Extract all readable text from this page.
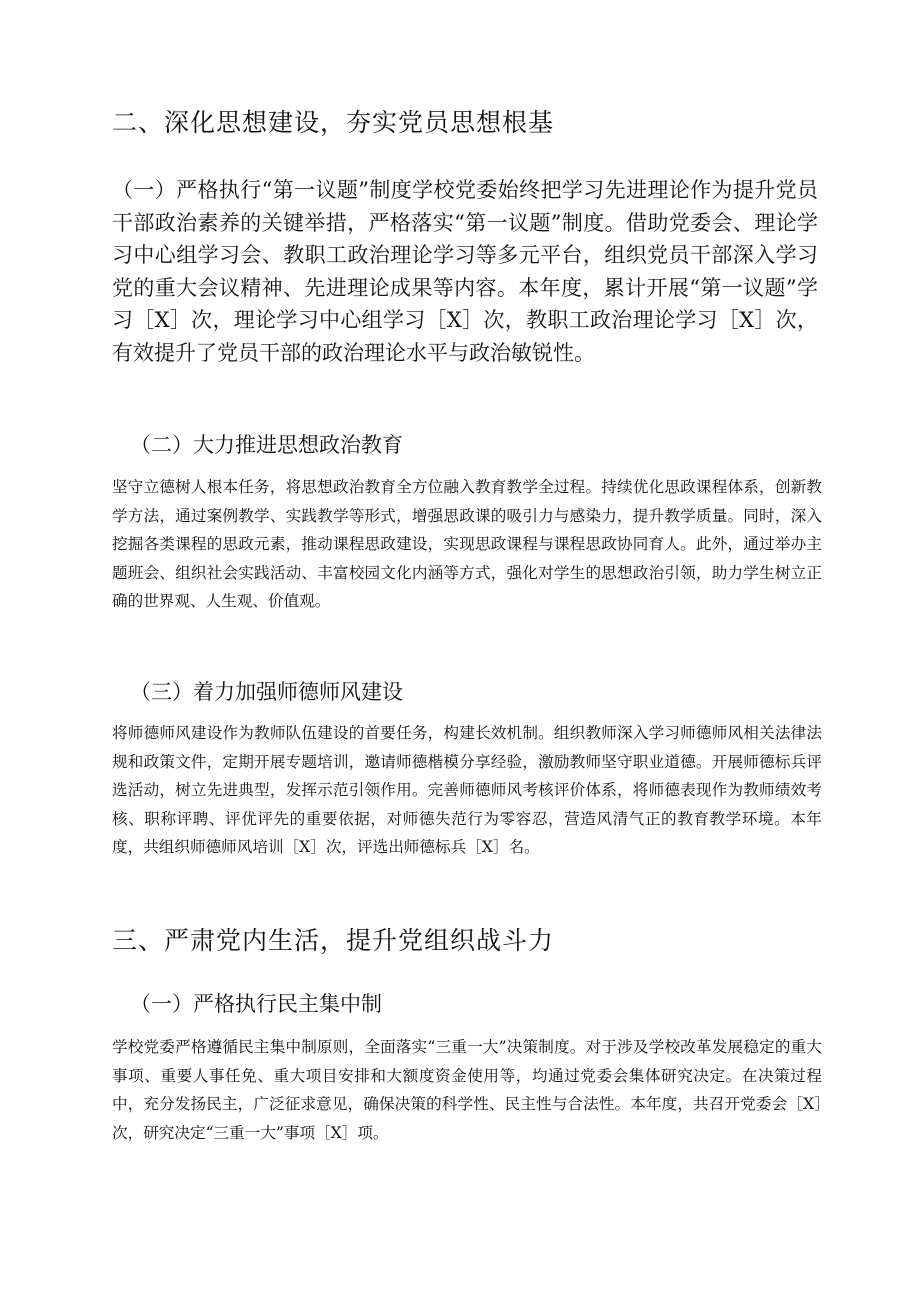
二、深化思想建设，夯实党员思想根基

（一）严格执行“第一议题”制度学校党委始终把学习先进理论作为提升党员干部政治素养的关键举措，严格落实“第一议题”制度。借助党委会、理论学习中心组学习会、教职工政治理论学习等多元平台，组织党员干部深入学习党的重大会议精神、先进理论成果等内容。本年度，累计开展“第一议题”学习［X］次，理论学习中心组学习［X］次，教职工政治理论学习［X］次，有效提升了党员干部的政治理论水平与政治敏锐性。

（二）大力推进思想政治教育

坚守立德树人根本任务，将思想政治教育全方位融入教育教学全过程。持续优化思政课程体系，创新教学方法，通过案例教学、实践教学等形式，增强思政课的吸引力与感染力，提升教学质量。同时，深入挖掘各类课程的思政元素，推动课程思政建设，实现思政课程与课程思政协同育人。此外，通过举办主题班会、组织社会实践活动、丰富校园文化内涵等方式，强化对学生的思想政治引领，助力学生树立正确的世界观、人生观、价值观。

（三）着力加强师德师风建设

将师德师风建设作为教师队伍建设的首要任务，构建长效机制。组织教师深入学习师德师风相关法律法规和政策文件，定期开展专题培训，邀请师德楷模分享经验，激励教师坚守职业道德。开展师德标兵评选活动，树立先进典型，发挥示范引领作用。完善师德师风考核评价体系，将师德表现作为教师绩效考核、职称评聘、评优评先的重要依据，对师德失范行为零容忍，营造风清气正的教育教学环境。本年度，共组织师德师风培训［X］次，评选出师德标兵［X］名。

三、严肃党内生活，提升党组织战斗力
（一）严格执行民主集中制

学校党委严格遵循民主集中制原则，全面落实“三重一大”决策制度。对于涉及学校改革发展稳定的重大事项、重要人事任免、重大项目安排和大额度资金使用等，均通过党委会集体研究决定。在决策过程中，充分发扬民主，广泛征求意见，确保决策的科学性、民主性与合法性。本年度，共召开党委会［X］次，研究决定“三重一大”事项［X］项。
